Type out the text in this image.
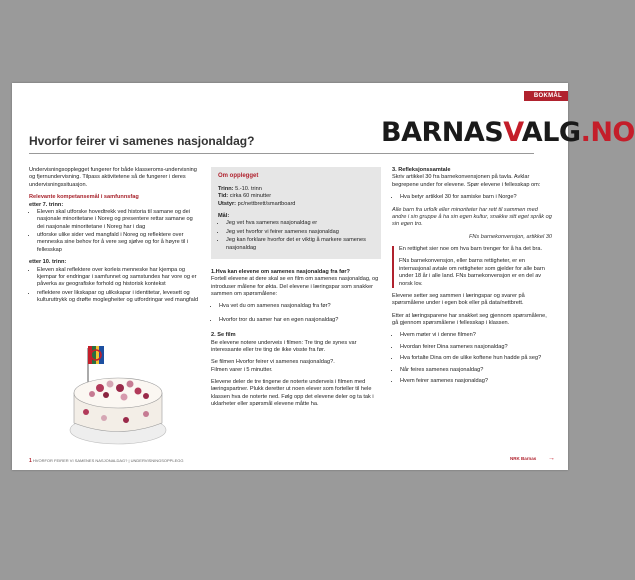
BOKMÅL
Hvorfor feirer vi samenes nasjonaldag?	BARNASVALG.NO

Undervisningsopplegget fungerer for både klasseroms-undervisning og fjernundervisning. Tilpass aktivitetene så de fungerer i deres undervisningssituasjon.

Relevante kompetansemål i samfunnsfag
etter 7. trinn:
• Eleven skal utforske hovedtrekk ved historia til samane og dei nasjonale minoritetane i Noreg og presentere rettar samane og dei nasjonale minoritetane i Noreg har i dag
• utforske ulike sider ved mangfald i Noreg og reflektere over menneska sine behov for å vere seg sjølve og for å høyre til i fellesskap
etter 10. trinn:
• Eleven skal reflektere over korleis menneske har kjempa og kjempar for endringar i samfunnet og samstundes har vore og er påverka av geografiske forhold og historisk kontekst
• reflektere over likskapar og ulikskapar i identitetar, levesett og kulturuttrykk og drøfte moglegheiter og utfordringar ved mangfald
Om opplegget
Trinn: 5.-10. trinn
Tid: cirka 60 minutter
Utstyr: pc/nettbrett/smartboard
Mål:
• Jeg vet hva samenes nasjonaldag er
• Jeg vet hvorfor vi feirer samenes nasjonaldag
• Jeg kan forklare hvorfor det er viktig å markere samenes nasjonaldag
1.Hva kan elevene om samenes nasjonaldag fra før?

Fortell elevene at dere skal se en film om samenes nasjonaldag, og introduser målene for økta. Del elevene i læringspar som snakker sammen om spørsmålene:

• Hva vet du om samenes nasjonaldag fra før?
• Hvorfor tror du samer har en egen nasjonaldag?
2. Se film

Be elevene notere underveis i filmen: Tre ting de synes var interessante eller tre ting de ikke visste fra før.

Se filmen Hvorfor feirer vi samenes nasjonaldag?.

Filmen varer i 5 minutter.

Elevene deler de tre tingene de noterte underveis i filmen med læringspartner. Plukk deretter ut noen elever som forteller til hele klassen hva de noterte ned. Følg opp det elevene deler og ta tak i uklarheter eller spørsmål elevene måtte ha.

3. Refleksjonssamtale

Skriv artikkel 30 fra barnekonvensjonen på tavla. Avklar begrepene under for elevene. Spør elevene i fellesskap om:

• Hva betyr artikkel 30 for samiske barn i Norge?

Alle barn fra urfolk eller minoriteter har rett til sammen med andre i sin gruppe å ha sin egen kultur, snakke sitt eget språk og sin egen tro.

FNs barnekonvensjon, artikkel 30

En rettighet sier noe om hva barn trenger for å ha det bra.

FNs barnekonvensjon, eller barns rettigheter, er en internasjonal avtale om rettigheter som gjelder for alle barn under 18 år i alle land. FNs barnekonvensjon er en del av norsk lov.

Elevene setter seg sammen i læringspar og svarer på spørsmålene under i egen bok eller på data/nettbrett.

Etter at læringsparene har snakket seg gjennom spørsmålene, gå gjennom spørsmålene i fellesskap i klassen.

• Hvem møter vi i denne filmen?
• Hvordan feirer Dina samenes nasjonaldag?
• Hva fortalte Dina om de ulike koftene hun hadde på seg?
• Når feires samenes nasjonaldag?
• Hvem feirer samenes nasjonaldag?
1 HVORFOR FEIRER VI SAMENES NASJONALDAG? | UNDERVISNINGSOPPLEGG	NRK Barnas →
